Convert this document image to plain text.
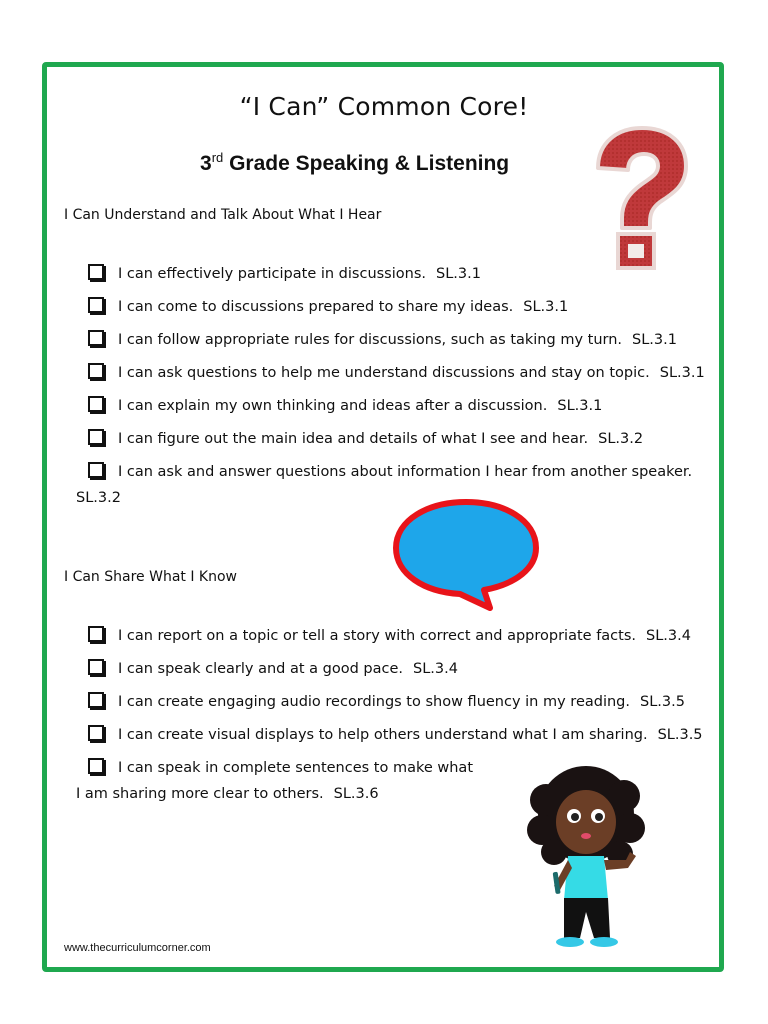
“I Can” Common Core!
3rd Grade Speaking & Listening
I Can Understand and Talk About What I Hear
I can effectively participate in discussions. SL.3.1
I can come to discussions prepared to share my ideas. SL.3.1
I can follow appropriate rules for discussions, such as taking my turn. SL.3.1
I can ask questions to help me understand discussions and stay on topic. SL.3.1
I can explain my own thinking and ideas after a discussion. SL.3.1
I can figure out the main idea and details of what I see and hear. SL.3.2
I can ask and answer questions about information I hear from another speaker.
SL.3.2
I Can Share What I Know
I can report on a topic or tell a story with correct and appropriate facts. SL.3.4
I can speak clearly and at a good pace. SL.3.4
I can create engaging audio recordings to show fluency in my reading. SL.3.5
I can create visual displays to help others understand what I am sharing. SL.3.5
I can speak in complete sentences to make what
I am sharing more clear to others. SL.3.6
www.thecurriculumcorner.com
